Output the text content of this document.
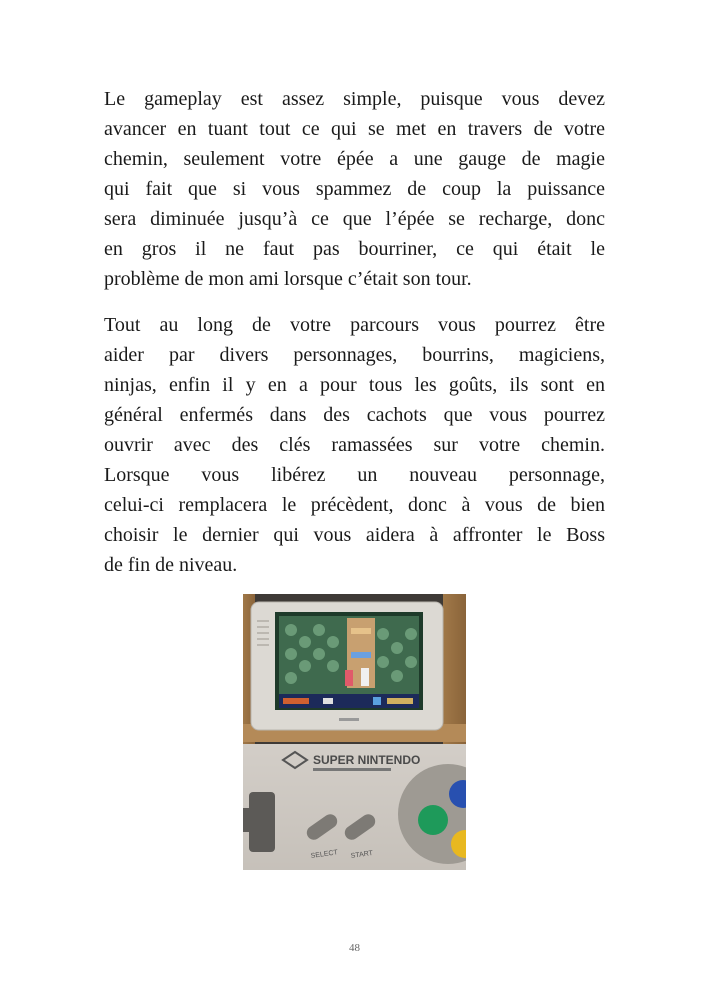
Le gameplay est assez simple, puisque vous devez
avancer en tuant tout ce qui se met en travers de votre
chemin, seulement votre épée a une gauge de magie
qui fait que si vous spammez de coup la puissance
sera diminuée jusqu’à ce que l’épée se recharge, donc
en gros il ne faut pas bourriner, ce qui était le
problème de mon ami lorsque c’était son tour.
Tout au long de votre parcours vous pourrez être
aider par divers personnages, bourrins, magiciens,
ninjas, enfin il y en a pour tous les goûts, ils sont en
général enfermés dans des cachots que vous pourrez
ouvrir avec des clés ramassées sur votre chemin.
Lorsque vous libérez un nouveau personnage,
celui-ci remplacera le précèdent, donc à vous de bien
choisir le dernier qui vous aidera à affronter le Boss
de fin de niveau.
SUPER NINTENDO
SELECT START
48
